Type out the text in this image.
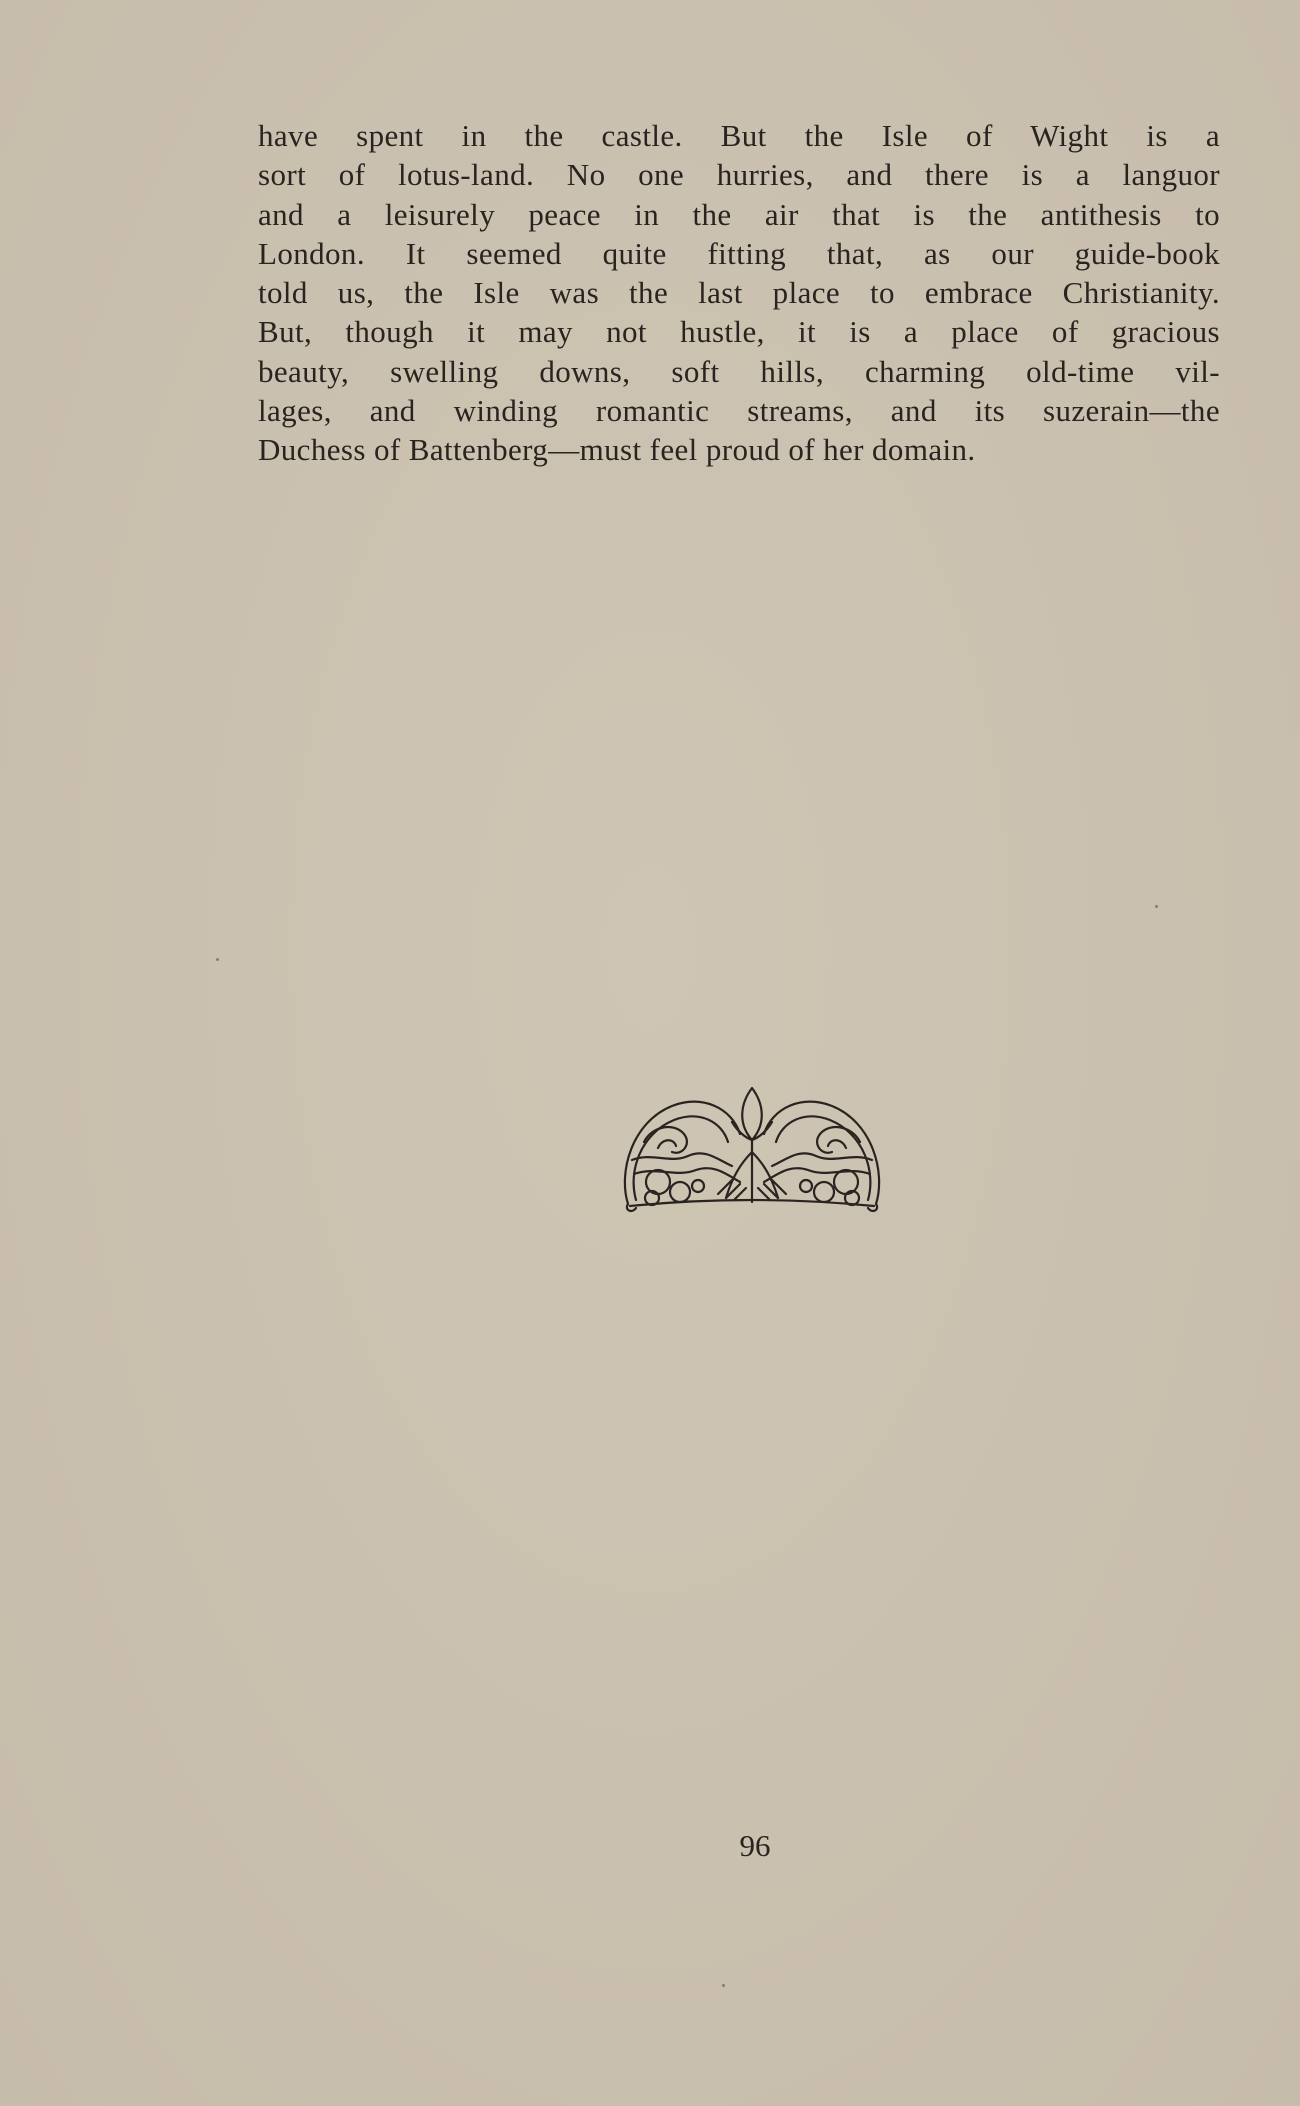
have spent in the castle. But the Isle of Wight is a
sort of lotus-land. No one hurries, and there is a languor
and a leisurely peace in the air that is the antithesis to
London. It seemed quite fitting that, as our guide-book
told us, the Isle was the last place to embrace Christianity.
But, though it may not hustle, it is a place of gracious
beauty, swelling downs, soft hills, charming old-time vil-
lages, and winding romantic streams, and its suzerain—the
Duchess of Battenberg—must feel proud of her domain.
96
